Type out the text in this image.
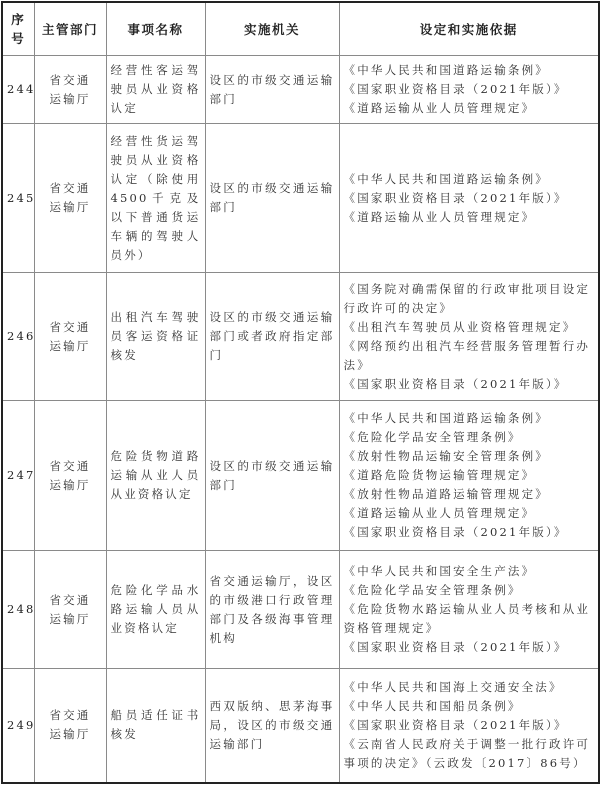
序
号	主管部门	事项名称	实施机关	设定和实施依据
244	省交通
运输厅	经营性客运驾驶员从业资格认定	设区的市级交通运输部门	《中华人民共和国道路运输条例》
《国家职业资格目录（2021年版）》
《道路运输从业人员管理规定》

245	省交通
运输厅	经营性货运驾驶员从业资格认定（除使用4500千克及以下普通货运车辆的驾驶人员外）	设区的市级交通运输部门	《中华人民共和国道路运输条例》
《国家职业资格目录（2021年版）》
《道路运输从业人员管理规定》

246	省交通
运输厅	出租汽车驾驶员客运资格证核发	设区的市级交通运输部门或者政府指定部门	《国务院对确需保留的行政审批项目设定行政许可的决定》
《出租汽车驾驶员从业资格管理规定》
《网络预约出租汽车经营服务管理暂行办法》
《国家职业资格目录（2021年版）》

247	
省交通
运输厅
	危险货物道路运输从业人员从业资格认定	设区的市级交通运输部门	
《中华人民共和国道路运输条例》
《危险化学品安全管理条例》
《放射性物品运输安全管理条例》
《道路危险货物运输管理规定》
《放射性物品道路运输管理规定》
《道路运输从业人员管理规定》
《国家职业资格目录（2021年版）》

248	省交通
运输厅	危险化学品水路运输人员从业资格认定	省交通运输厅，设区的市级港口行政管理部门及各级海事管理机构	《中华人民共和国安全生产法》
《危险化学品安全管理条例》
《危险货物水路运输从业人员考核和从业资格管理规定》
《国家职业资格目录（2021年版）》

249	省交通
运输厅	船员适任证书核发	西双版纳、思茅海事局，设区的市级交通运输部门	《中华人民共和国海上交通安全法》
《中华人民共和国船员条例》
《国家职业资格目录（2021年版）》
《云南省人民政府关于调整一批行政许可事项的决定》（云政发〔2017〕86号）
